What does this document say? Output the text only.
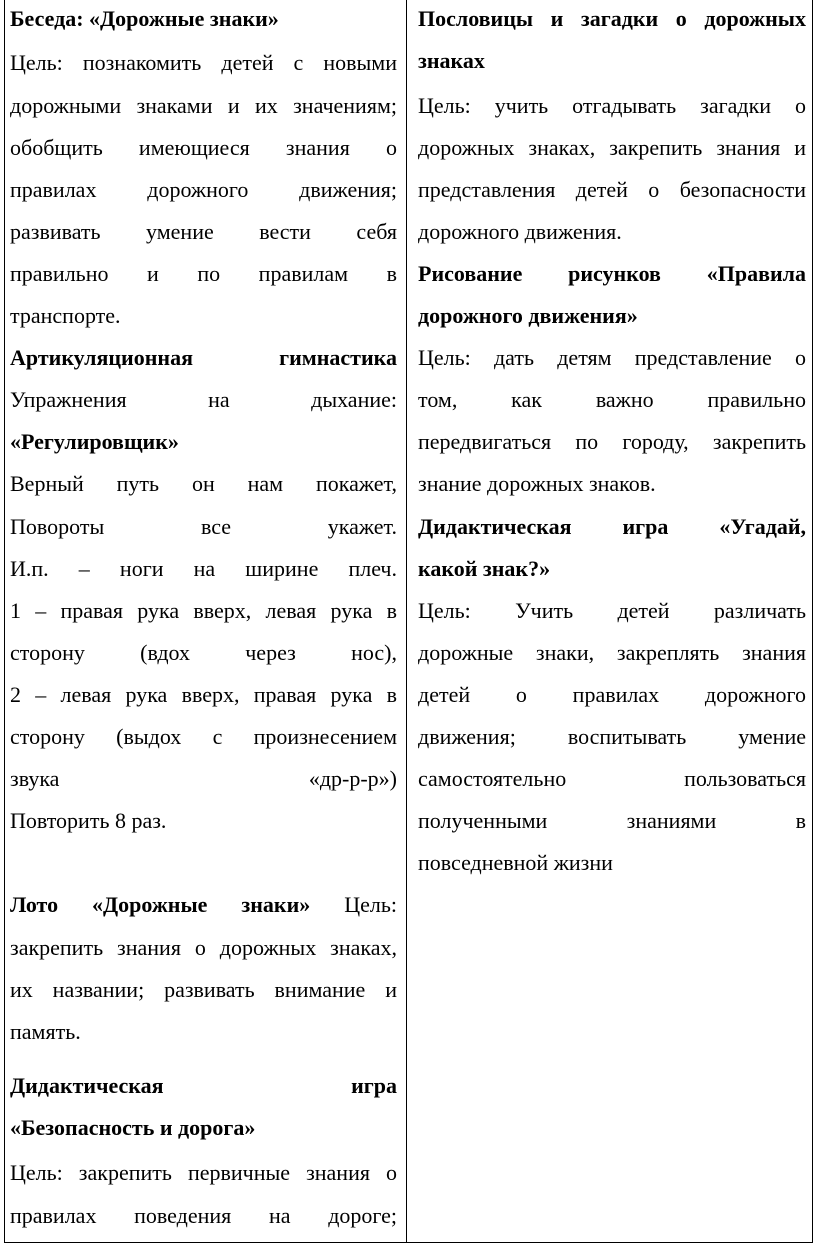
Беседа: «Дорожные знаки»
Цель: познакомить детей с новыми
дорожными знаками и их значениям;
обобщить имеющиеся знания о
правилах дорожного движения;
развивать умение вести себя
правильно и по правилам в
транспорте.
Артикуляционная гимнастика
Упражнения на дыхание:
«Регулировщик»
Верный путь он нам покажет,
Повороты все укажет.
И.п. – ноги на ширине плеч.
1 – правая рука вверх, левая рука в
сторону (вдох через нос),
2 – левая рука вверх, правая рука в
сторону (выдох с произнесением
звука «др-р-р»)
Повторить 8 раз.
Лото «Дорожные знаки» Цель:
закрепить знания о дорожных знаках,
их названии; развивать внимание и
память.
Дидактическая игра
«Безопасность и дорога»
Цель: закрепить первичные знания о
правилах поведения на дороге;
Пословицы и загадки о дорожных
знаках
Цель: учить отгадывать загадки о
дорожных знаках, закрепить знания и
представления детей о безопасности
дорожного движения.
Рисование рисунков «Правила
дорожного движения»
Цель: дать детям представление о
том, как важно правильно
передвигаться по городу, закрепить
знание дорожных знаков.
Дидактическая игра «Угадай,
какой знак?»
Цель: Учить детей различать
дорожные знаки, закреплять знания
детей о правилах дорожного
движения; воспитывать умение
самостоятельно пользоваться
полученными знаниями в
повседневной жизни
